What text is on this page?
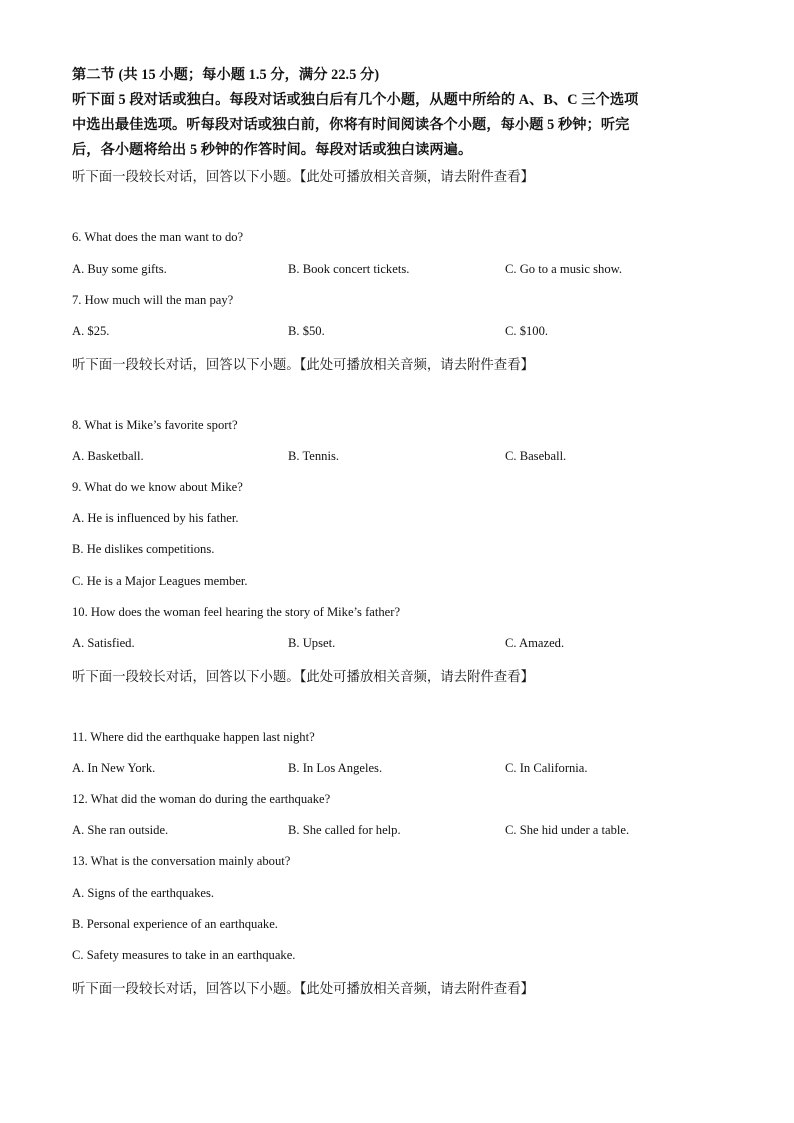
第二节 (共 15 小题；每小题 1.5 分，满分 22.5 分)
听下面 5 段对话或独白。每段对话或独白后有几个小题，从题中所给的 A、B、C 三个选项
中选出最佳选项。听每段对话或独白前，你将有时间阅读各个小题，每小题 5 秒钟；听完
后，各小题将给出 5 秒钟的作答时间。每段对话或独白读两遍。
听下面一段较长对话，回答以下小题。【此处可播放相关音频，请去附件查看】
6. What does the man want to do?
A. Buy some gifts.	B. Book concert tickets.	C. Go to a music show.
7. How much will the man pay?
A. $25.	B. $50.	C. $100.
听下面一段较长对话，回答以下小题。【此处可播放相关音频，请去附件查看】
8. What is Mike’s favorite sport?
A. Basketball.	B. Tennis.	C. Baseball.
9. What do we know about Mike?
A. He is influenced by his father.
B. He dislikes competitions.
C. He is a Major Leagues member.
10. How does the woman feel hearing the story of Mike’s father?
A. Satisfied.	B. Upset.	C. Amazed.
听下面一段较长对话，回答以下小题。【此处可播放相关音频，请去附件查看】
11. Where did the earthquake happen last night?
A. In New York.	B. In Los Angeles.	C. In California.
12. What did the woman do during the earthquake?
A. She ran outside.	B. She called for help.	C. She hid under a table.
13. What is the conversation mainly about?
A. Signs of the earthquakes.
B. Personal experience of an earthquake.
C. Safety measures to take in an earthquake.
听下面一段较长对话，回答以下小题。【此处可播放相关音频，请去附件查看】
